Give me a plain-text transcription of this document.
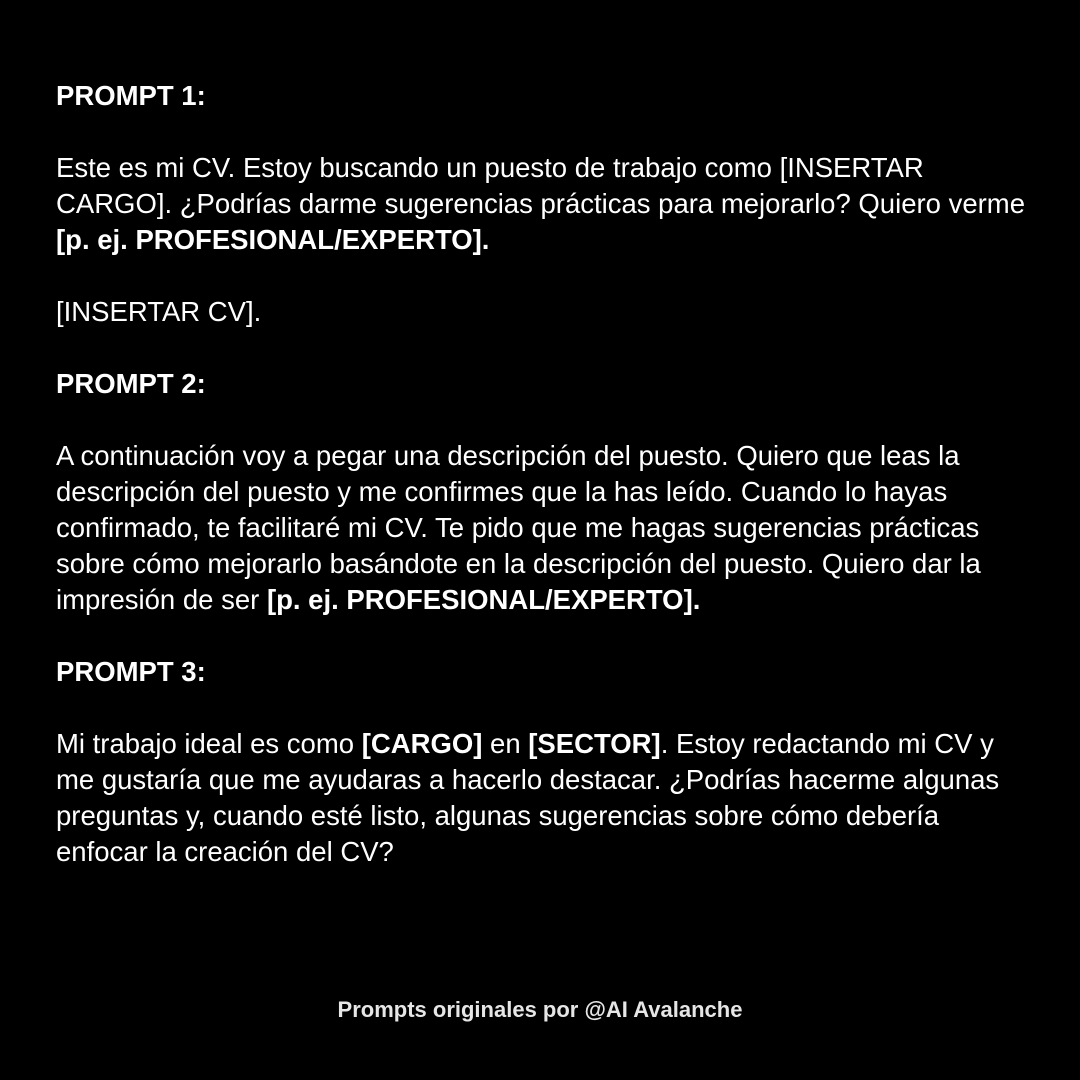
PROMPT 1:

Este es mi CV. Estoy buscando un puesto de trabajo como [INSERTAR CARGO]. ¿Podrías darme sugerencias prácticas para mejorarlo? Quiero verme [p. ej. PROFESIONAL/EXPERTO].

[INSERTAR CV].

PROMPT 2:

A continuación voy a pegar una descripción del puesto. Quiero que leas la descripción del puesto y me confirmes que la has leído. Cuando lo hayas confirmado, te facilitaré mi CV. Te pido que me hagas sugerencias prácticas sobre cómo mejorarlo basándote en la descripción del puesto. Quiero dar la impresión de ser [p. ej. PROFESIONAL/EXPERTO].

PROMPT 3:

Mi trabajo ideal es como [CARGO] en [SECTOR]. Estoy redactando mi CV y me gustaría que me ayudaras a hacerlo destacar. ¿Podrías hacerme algunas preguntas y, cuando esté listo, algunas sugerencias sobre cómo debería enfocar la creación del CV?

Prompts originales por @AI Avalanche
